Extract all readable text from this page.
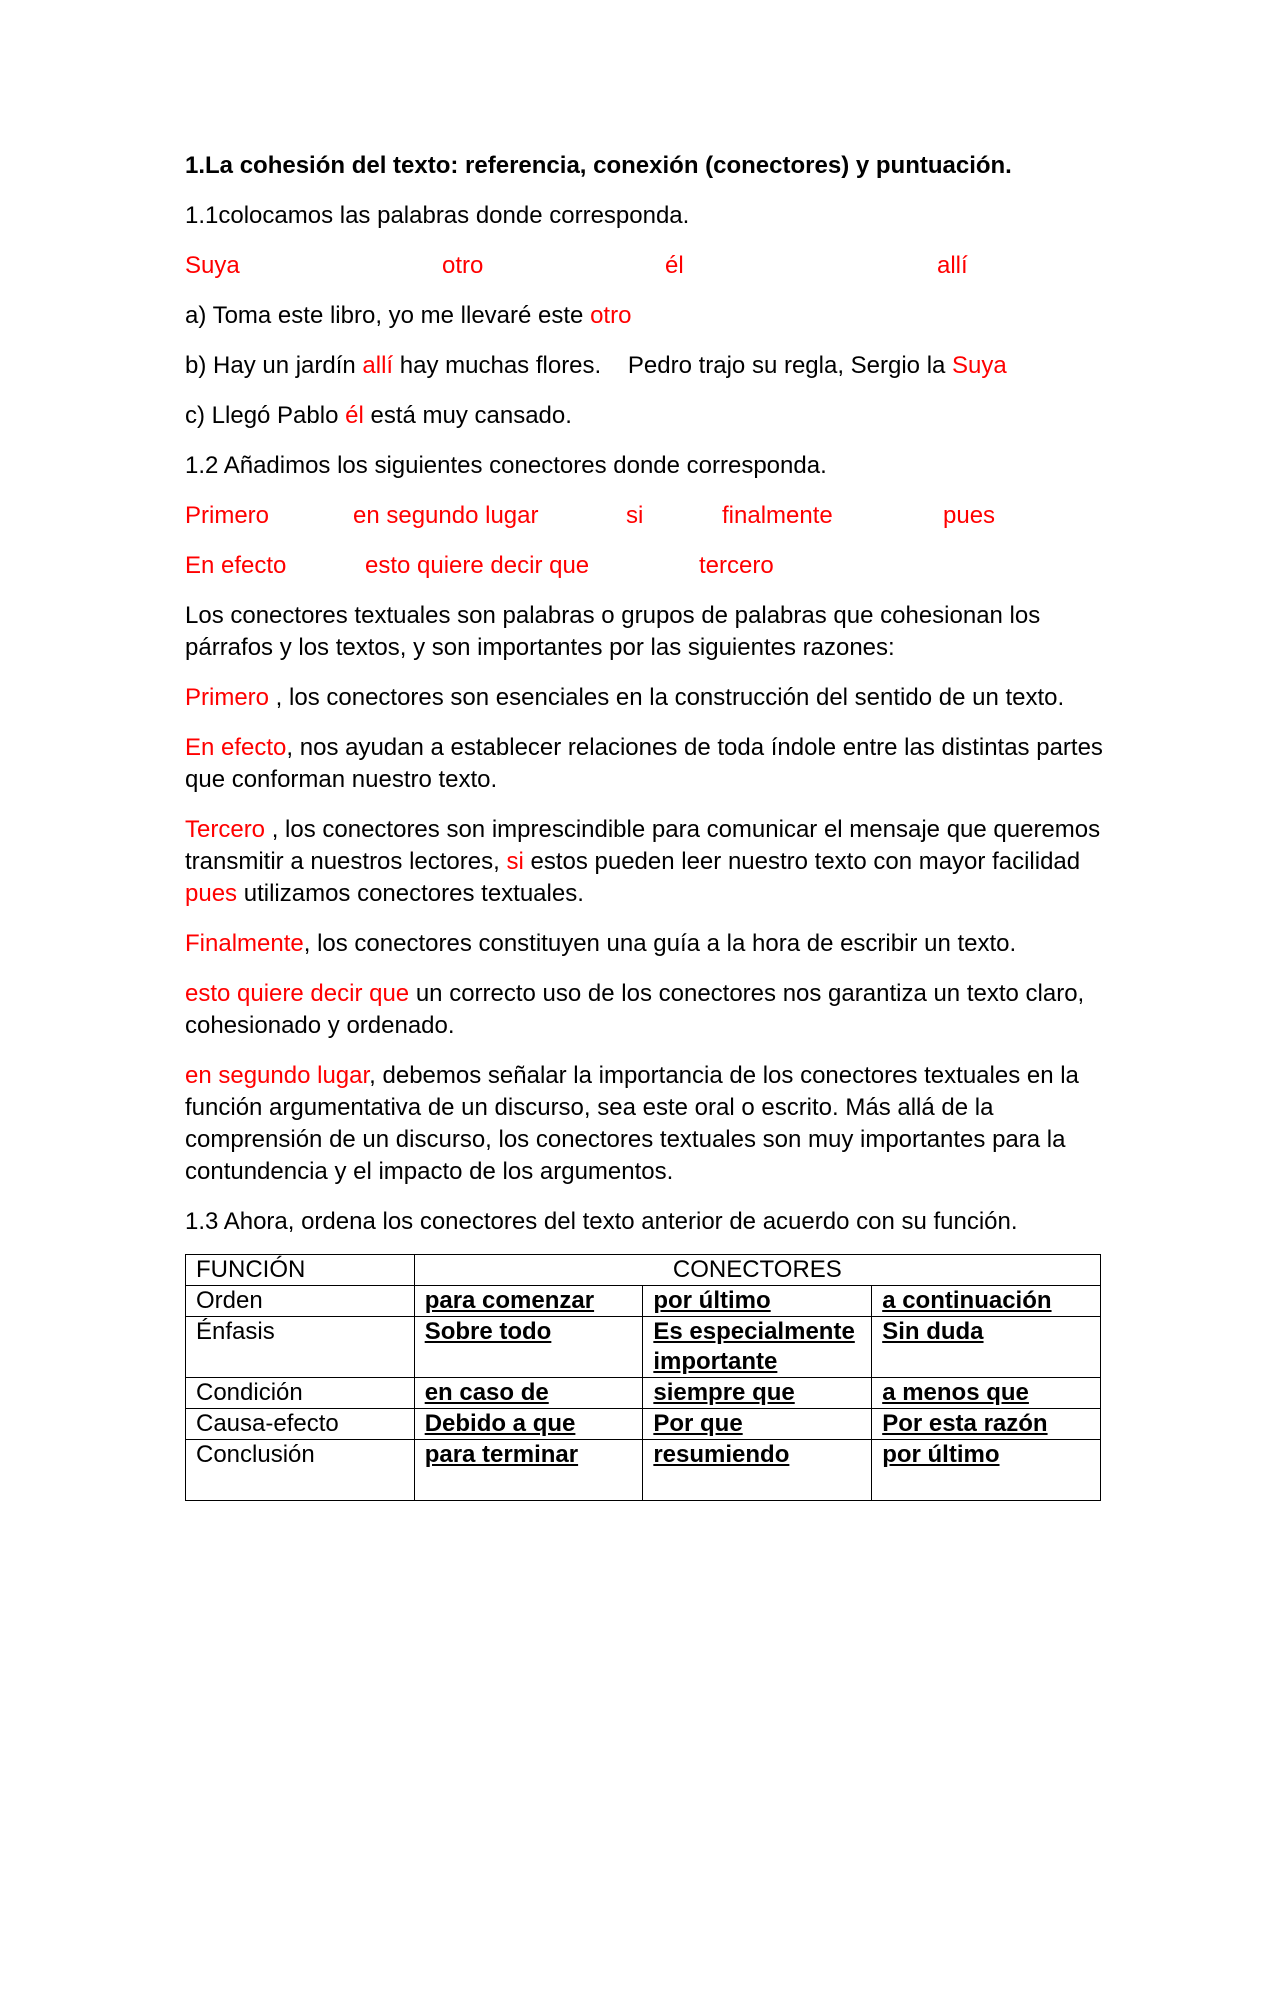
1.La cohesión del texto: referencia, conexión (conectores) y puntuación.

1.1colocamos las palabras donde corresponda.

Suya	otro	él	allí

a) Toma este libro, yo me llevaré este otro

b) Hay un jardín allí hay muchas flores.    Pedro trajo su regla, Sergio la Suya

c) Llegó Pablo él está muy cansado.

1.2 Añadimos los siguientes conectores donde corresponda.

Primero	en segundo lugar	si	finalmente	pues
En efecto	esto quiere decir que	tercero

Los conectores textuales son palabras o grupos de palabras que cohesionan los párrafos y los textos, y son importantes por las siguientes razones:

Primero , los conectores son esenciales en la construcción del sentido de un texto.

En efecto, nos ayudan a establecer relaciones de toda índole entre las distintas partes que conforman nuestro texto.

Tercero , los conectores son imprescindible para comunicar el mensaje que queremos transmitir a nuestros lectores, si estos pueden leer nuestro texto con mayor facilidad pues utilizamos conectores textuales.

Finalmente, los conectores constituyen una guía a la hora de escribir un texto.

esto quiere decir que un correcto uso de los conectores nos garantiza un texto claro, cohesionado y ordenado.

en segundo lugar, debemos señalar la importancia de los conectores textuales en la función argumentativa de un discurso, sea este oral o escrito. Más allá de la comprensión de un discurso, los conectores textuales son muy importantes para la contundencia y el impacto de los argumentos.

1.3 Ahora, ordena los conectores del texto anterior de acuerdo con su función.

FUNCIÓN	CONECTORES		
Orden	para comenzar	por último	a continuación
Énfasis	Sobre todo	Es especialmente importante	Sin duda
Condición	en caso de	siempre que	a menos que
Causa-efecto	Debido a que	Por que	Por esta razón
Conclusión	para terminar	resumiendo	por último
